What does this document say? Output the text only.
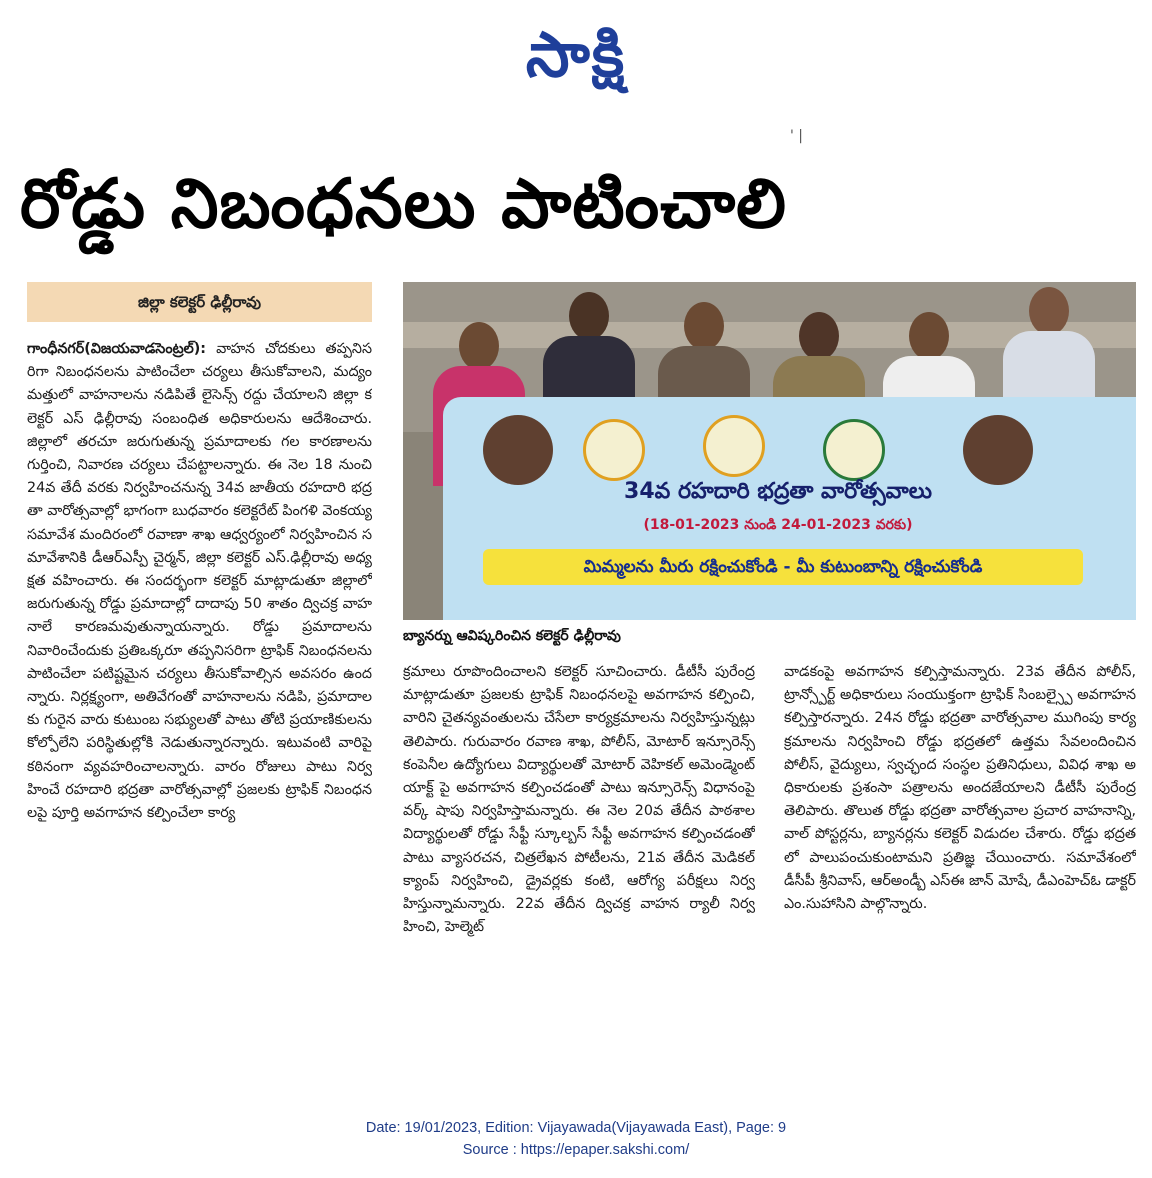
సాక్షి
' |
రోడ్డు నిబంధనలు పాటించాలి
జిల్లా కలెక్టర్ ఢిల్లీరావు
గాంధీనగర్(విజయవాడసెంట్రల్): వాహన చోదకులు తప్పనిసరిగా నిబంధనలను పాటించేలా చర్యలు తీసుకోవాలని, మద్యం మత్తులో వాహనాలను నడిపితే లైసెన్స్ రద్దు చేయాలని జిల్లా కలెక్టర్ ఎస్ ఢిల్లీరావు సంబంధిత అధికారులను ఆదేశించారు. జిల్లాలో తరచూ జరుగుతున్న ప్రమాదాలకు గల కారణాలను గుర్తించి, నివారణ చర్యలు చేపట్టాలన్నారు. ఈ నెల 18 నుంచి 24వ తేదీ వరకు నిర్వహించనున్న 34వ జాతీయ రహదారి భద్రతా వారోత్సవాల్లో భాగంగా బుధవారం కలెక్టరేట్ పింగళి వెంకయ్య సమావేశ మందిరంలో రవాణా శాఖ ఆధ్వర్యంలో నిర్వహించిన సమావేశానికి డీఆర్ఎస్పీ చైర్మన్, జిల్లా కలెక్టర్ ఎస్.ఢిల్లీరావు అధ్యక్షత వహించారు. ఈ సందర్భంగా కలెక్టర్ మాట్లాడుతూ జిల్లాలో జరుగుతున్న రోడ్డు ప్రమాదాల్లో దాదాపు 50 శాతం ద్విచక్ర వాహనాలే కారణమవుతున్నాయన్నారు. రోడ్డు ప్రమాదాలను నివారించేందుకు ప్రతిఒక్కరూ తప్పనిసరిగా ట్రాఫిక్ నిబంధనలను పాటించేలా పటిష్టమైన చర్యలు తీసుకోవాల్సిన అవసరం ఉందన్నారు. నిర్లక్ష్యంగా, అతివేగంతో వాహనాలను నడిపి, ప్రమాదాలకు గురైన వారు కుటుంబ సభ్యులతో పాటు తోటి ప్రయాణికులను కోల్పోలేని పరిస్థితుల్లోకి నెడుతున్నారన్నారు. ఇటువంటి వారిపై కఠినంగా వ్యవహరించాలన్నారు. వారం రోజులు పాటు నిర్వహించే రహదారి భద్రతా వారోత్సవాల్లో ప్రజలకు ట్రాఫిక్ నిబంధనలపై పూర్తి అవగాహన కల్పించేలా కార్య
34వ రహదారి భద్రతా వారోత్సవాలు
(18-01-2023 నుండి 24-01-2023 వరకు)
మిమ్మలను మీరు రక్షించుకోండి - మీ కుటుంబాన్ని రక్షించుకోండి
బ్యానర్ను ఆవిష్కరించిన కలెక్టర్ ఢిల్లీరావు
క్రమాలు రూపొందించాలని కలెక్టర్ సూచించారు. డీటీసీ పురేంద్ర మాట్లాడుతూ ప్రజలకు ట్రాఫిక్ నిబంధనలపై అవగాహన కల్పించి, వారిని చైతన్యవంతులను చేసేలా కార్యక్రమాలను నిర్వహిస్తున్నట్లు తెలిపారు. గురువారం రవాణ శాఖ, పోలీస్, మోటార్ ఇన్సూరెన్స్ కంపెనీల ఉద్యోగులు విద్యార్థులతో మోటార్ వెహికల్ అమెండ్మెంట్ యాక్ట్ పై అవగాహన కల్పించడంతో పాటు ఇన్సూరెన్స్ విధానంపై వర్క్ షాపు నిర్వహిస్తామన్నారు. ఈ నెల 20వ తేదీన పాఠశాల విద్యార్థులతో రోడ్డు సేఫ్టీ స్కూల్బస్ సేఫ్టీ అవగాహన కల్పించడంతో పాటు వ్యాసరచన, చిత్రలేఖన పోటీలను, 21వ తేదీన మెడికల్ క్యాంప్ నిర్వహించి, డ్రైవర్లకు కంటి, ఆరోగ్య పరీక్షలు నిర్వహిస్తున్నామన్నారు. 22వ తేదీన ద్విచక్ర వాహన ర్యాలీ నిర్వహించి, హెల్మెట్
వాడకంపై అవగాహన కల్పిస్తామన్నారు. 23వ తేదీన పోలీస్, ట్రాన్స్పోర్ట్ అధికారులు సంయుక్తంగా ట్రాఫిక్ సింబల్స్పై అవగాహన కల్పిస్తారన్నారు. 24న రోడ్డు భద్రతా వారోత్సవాల ముగింపు కార్యక్రమాలను నిర్వహించి రోడ్డు భద్రతలో ఉత్తమ సేవలందించిన పోలీస్, వైద్యులు, స్వచ్ఛంద సంస్థల ప్రతినిధులు, వివిధ శాఖ అధికారులకు ప్రశంసా పత్రాలను అందజేయాలని డీటీసీ పురేంద్ర తెలిపారు. తొలుత రోడ్డు భద్రతా వారోత్సవాల ప్రచార వాహనాన్ని, వాల్ పోస్టర్లను, బ్యానర్లను కలెక్టర్ విడుదల చేశారు. రోడ్డు భద్రతలో పాలుపంచుకుంటామని ప్రతిజ్ఞ చేయించారు. సమావేశంలో డీసీపీ శ్రీనివాస్, ఆర్అండ్బీ ఎస్ఈ జాన్ మోషే, డీఎంహెచ్ఓ డాక్టర్ ఎం.సుహాసిని పాల్గొన్నారు.
Date: 19/01/2023, Edition: Vijayawada(Vijayawada East), Page: 9
Source : https://epaper.sakshi.com/
